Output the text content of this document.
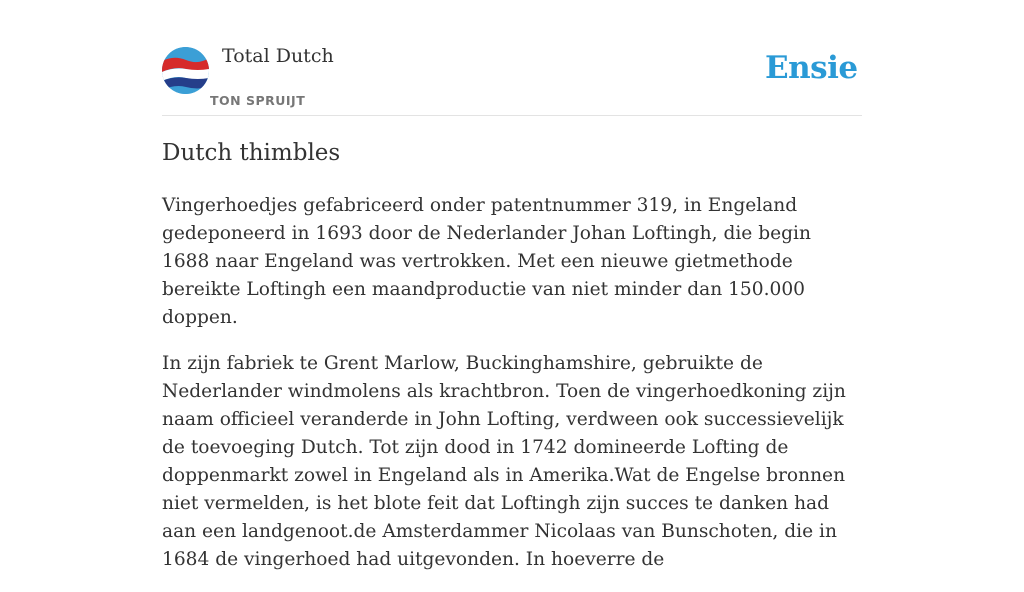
Total Dutch
TON SPRUIJT
Ensie
Dutch thimbles

Vingerhoedjes gefabriceerd onder patentnummer 319, in Engeland gedeponeerd in 1693 door de Nederlander Johan Loftingh, die begin 1688 naar Engeland was vertrokken. Met een nieuwe gietmethode bereikte Loftingh een maandproductie van niet minder dan 150.000 doppen.

In zijn fabriek te Grent Marlow, Buckinghamshire, gebruikte de Nederlander windmolens als krachtbron. Toen de vingerhoedkoning zijn naam officieel veranderde in John Lofting, verdween ook successievelijk de toevoeging Dutch. Tot zijn dood in 1742 domineerde Lofting de doppenmarkt zowel in Engeland als in Amerika.Wat de Engelse bronnen niet vermelden, is het blote feit dat Loftingh zijn succes te danken had aan een landgenoot.de Amsterdammer Nicolaas van Bunschoten, die in 1684 de vingerhoed had uitgevonden. In hoeverre de
